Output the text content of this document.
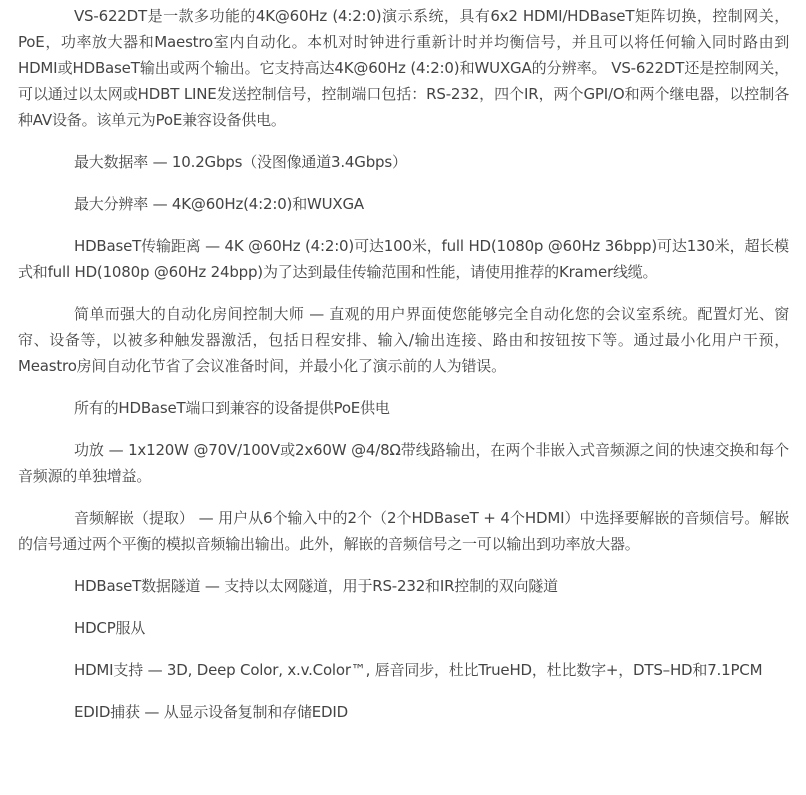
VS-622DT是一款多功能的4K@60Hz (4:2:0)演示系统，具有6x2 HDMI/HDBaseT矩阵切换，控制网关，PoE，功率放大器和Maestro室内自动化。本机对时钟进行重新计时并均衡信号，并且可以将任何输入同时路由到HDMI或HDBaseT输出或两个输出。它支持高达4K@60Hz (4:2:0)和WUXGA的分辨率。 VS-622DT还是控制网关，可以通过以太网或HDBT LINE发送控制信号，控制端口包括：RS-232，四个IR，两个GPI/O和两个继电器，以控制各种AV设备。该单元为PoE兼容设备供电。

最大数据率 — 10.2Gbps（没图像通道3.4Gbps）

最大分辨率 — 4K@60Hz(4:2:0)和WUXGA

HDBaseT传输距离 — 4K @60Hz (4:2:0)可达100米，full HD(1080p @60Hz 36bpp)可达130米，超长模式和full HD(1080p @60Hz 24bpp)为了达到最佳传输范围和性能，请使用推荐的Kramer线缆。

简单而强大的自动化房间控制大师 — 直观的用户界面使您能够完全自动化您的会议室系统。配置灯光、窗帘、设备等，以被多种触发器激活，包括日程安排、输入/输出连接、路由和按钮按下等。通过最小化用户干预，Meastro房间自动化节省了会议准备时间，并最小化了演示前的人为错误。

所有的HDBaseT端口到兼容的设备提供PoE供电

功放 — 1x120W @70V/100V或2x60W @4/8Ω带线路输出，在两个非嵌入式音频源之间的快速交换和每个音频源的单独增益。

音频解嵌（提取） — 用户从6个输入中的2个（2个HDBaseT + 4个HDMI）中选择要解嵌的音频信号。解嵌的信号通过两个平衡的模拟音频输出输出。此外，解嵌的音频信号之一可以输出到功率放大器。

HDBaseT数据隧道 — 支持以太网隧道，用于RS-232和IR控制的双向隧道

HDCP服从

HDMI支持 — 3D, Deep Color, x.v.Color™, 唇音同步，杜比TrueHD，杜比数字+，DTS–HD和7.1PCM

EDID捕获 — 从显示设备复制和存储EDID
